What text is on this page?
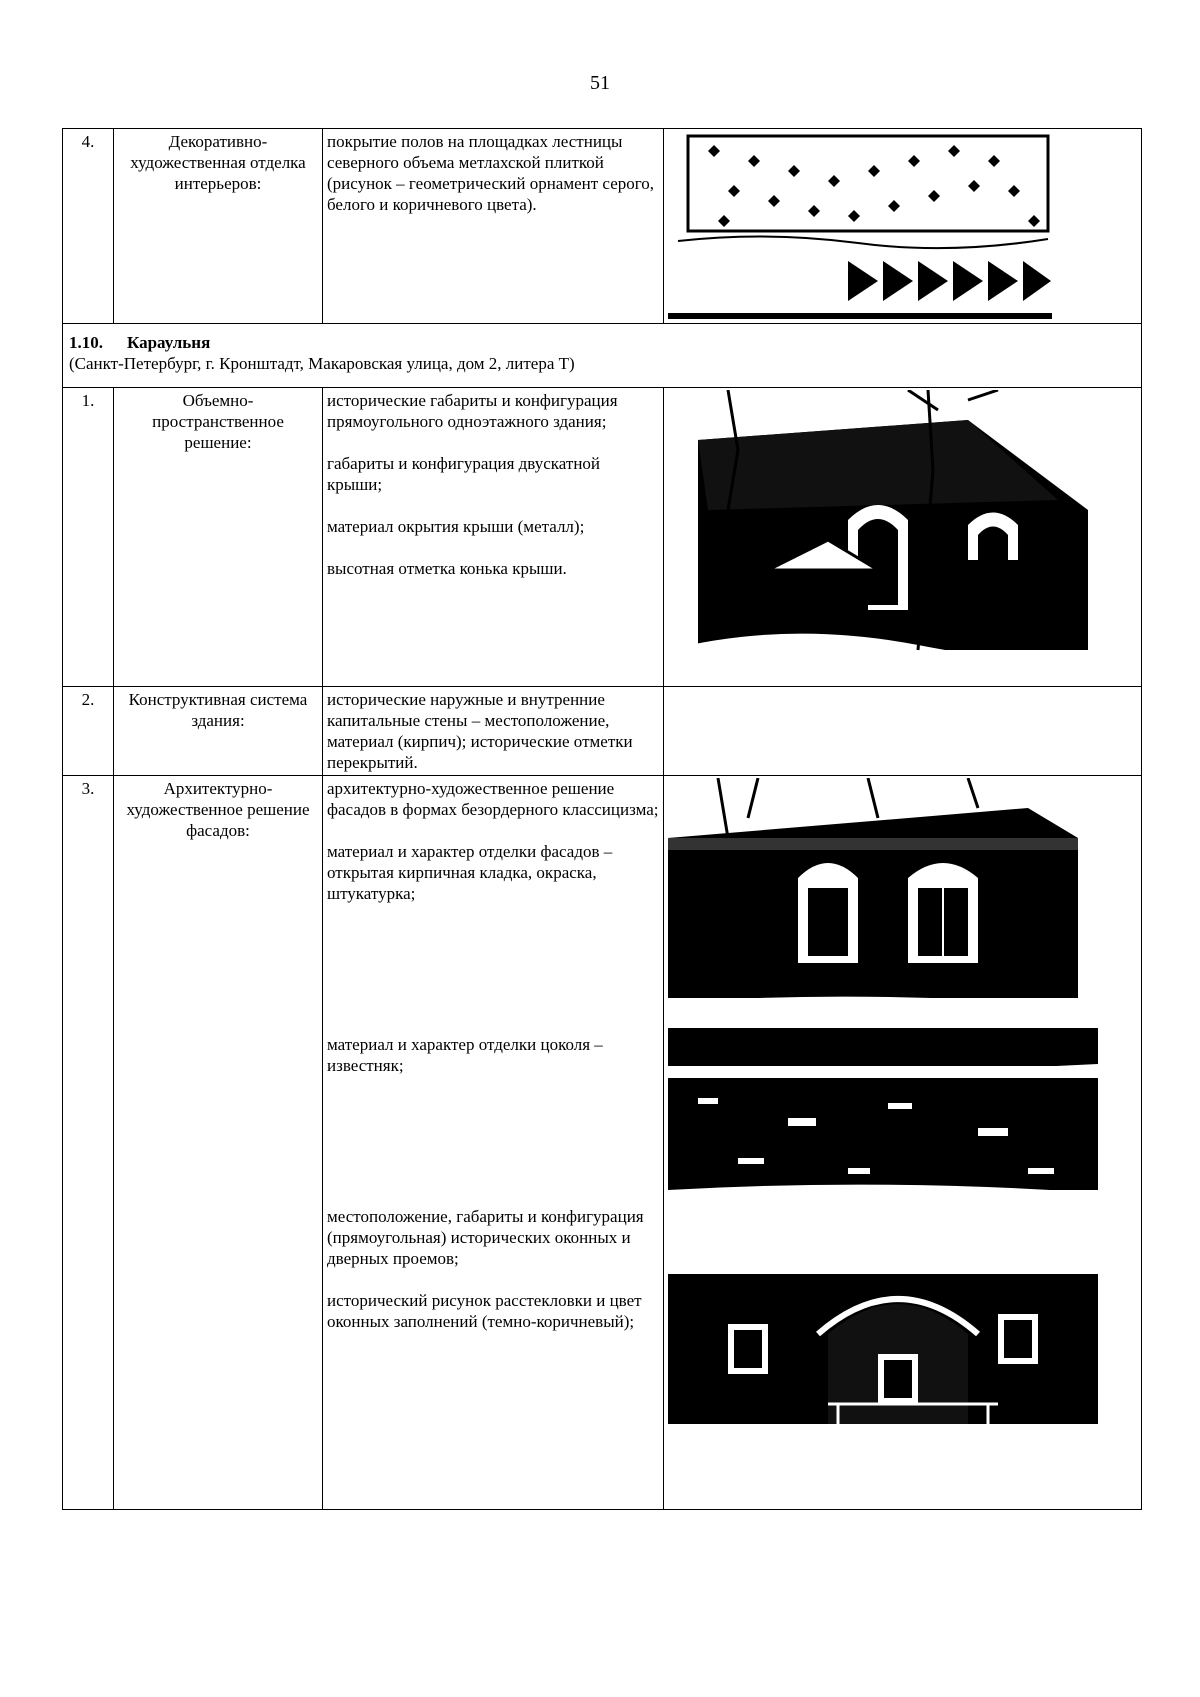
51
4.	Декоративно-художественная отделка интерьеров:	покрытие полов на площадках лестницы северного объема метлахской плиткой (рисунок – геометрический орнамент серого, белого и коричневого цвета).

1.10. Караульня
(Санкт-Петербург, г. Кронштадт, Макаровская улица, дом 2, литера Т)			

1.	Объемно-пространственное решение:	исторические габариты и конфигурация прямоугольного одноэтажного здания;

габариты и конфигурация двускатной крыши;

материал окрытия крыши (металл);

высотная отметка конька крыши.

2.	Конструктивная система здания:	исторические наружные и внутренние капитальные стены – местоположение, материал (кирпич); исторические отметки перекрытий.	

3.	Архитектурно-художественное решение фасадов:	архитектурно-художественное решение фасадов в формах безордерного классицизма;

материал и характер отделки фасадов – открытая кирпичная кладка, окраска, штукатурка;

материал и характер отделки цоколя – известняк;

местоположение, габариты и конфигурация (прямоугольная) исторических оконных и дверных проемов;

исторический рисунок расстекловки и цвет оконных заполнений (темно-коричневый);
